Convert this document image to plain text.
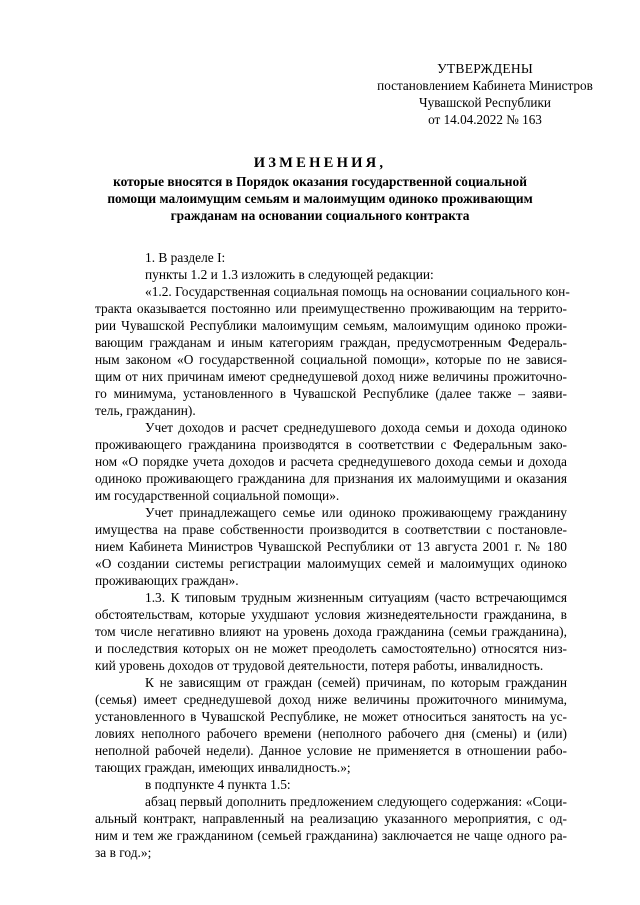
УТВЕРЖДЕНЫ
постановлением Кабинета Министров
Чувашской Республики
от 14.04.2022 № 163
ИЗМЕНЕНИЯ,
которые вносятся в Порядок оказания государственной социальной
помощи малоимущим семьям и малоимущим одиноко проживающим
гражданам на основании социального контракта
1. В разделе I:
пункты 1.2 и 1.3 изложить в следующей редакции:
«1.2. Государственная социальная помощь на основании социального кон-
тракта оказывается постоянно или преимущественно проживающим на террито-
рии Чувашской Республики малоимущим семьям, малоимущим одиноко прожи-
вающим гражданам и иным категориям граждан, предусмотренным Федераль-
ным законом «О государственной социальной помощи», которые по не завися-
щим от них причинам имеют среднедушевой доход ниже величины прожиточно-
го минимума, установленного в Чувашской Республике (далее также – заяви-
тель, гражданин).
Учет доходов и расчет среднедушевого дохода семьи и дохода одиноко
проживающего гражданина производятся в соответствии с Федеральным зако-
ном «О порядке учета доходов и расчета среднедушевого дохода семьи и дохода
одиноко проживающего гражданина для признания их малоимущими и оказания
им государственной социальной помощи».
Учет принадлежащего семье или одиноко проживающему гражданину
имущества на праве собственности производится в соответствии с постановле-
нием Кабинета Министров Чувашской Республики от 13 августа 2001 г. № 180
«О создании системы регистрации малоимущих семей и малоимущих одиноко
проживающих граждан».
1.3. К типовым трудным жизненным ситуациям (часто встречающимся
обстоятельствам, которые ухудшают условия жизнедеятельности гражданина, в
том числе негативно влияют на уровень дохода гражданина (семьи гражданина),
и последствия которых он не может преодолеть самостоятельно) относятся низ-
кий уровень доходов от трудовой деятельности, потеря работы, инвалидность.
К не зависящим от граждан (семей) причинам, по которым гражданин
(семья) имеет среднедушевой доход ниже величины прожиточного минимума,
установленного в Чувашской Республике, не может относиться занятость на ус-
ловиях неполного рабочего времени (неполного рабочего дня (смены) и (или)
неполной рабочей недели). Данное условие не применяется в отношении рабо-
тающих граждан, имеющих инвалидность.»;
в подпункте 4 пункта 1.5:
абзац первый дополнить предложением следующего содержания: «Соци-
альный контракт, направленный на реализацию указанного мероприятия, с од-
ним и тем же гражданином (семьей гражданина) заключается не чаще одного ра-
за в год.»;
